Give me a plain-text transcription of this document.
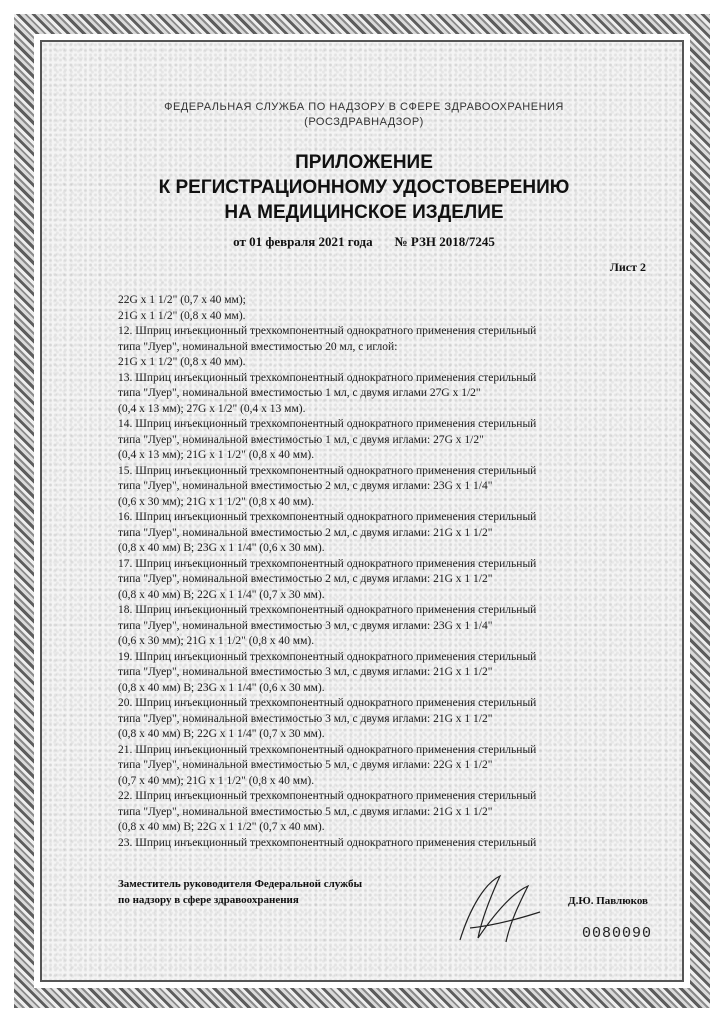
ФЕДЕРАЛЬНАЯ СЛУЖБА ПО НАДЗОРУ В СФЕРЕ ЗДРАВООХРАНЕНИЯ
(РОСЗДРАВНАДЗОР)
ПРИЛОЖЕНИЕ
К РЕГИСТРАЦИОННОМУ УДОСТОВЕРЕНИЮ
НА МЕДИЦИНСКОЕ ИЗДЕЛИЕ
от 01 февраля 2021 года № РЗН 2018/7245
Лист 2

22G x 1 1/2" (0,7 x 40 мм);

21G x 1 1/2" (0,8 x 40 мм).

12. Шприц инъекционный трехкомпонентный однократного применения стерильный

типа "Луер", номинальной вместимостью 20 мл, с иглой:

21G x 1 1/2" (0,8 x 40 мм).

13. Шприц инъекционный трехкомпонентный однократного применения стерильный

типа "Луер", номинальной вместимостью 1 мл, с двумя иглами 27G x 1/2"

(0,4 x 13 мм); 27G x 1/2" (0,4 x 13 мм).

14. Шприц инъекционный трехкомпонентный однократного применения стерильный

типа "Луер", номинальной вместимостью 1 мл, с двумя иглами: 27G x 1/2"

(0,4 x 13 мм); 21G x 1 1/2" (0,8 x 40 мм).

15. Шприц инъекционный трехкомпонентный однократного применения стерильный

типа "Луер", номинальной вместимостью 2 мл, с двумя иглами: 23G x 1 1/4"

(0,6 x 30 мм); 21G x 1 1/2" (0,8 x 40 мм).

16. Шприц инъекционный трехкомпонентный однократного применения стерильный

типа "Луер", номинальной вместимостью 2 мл, с двумя иглами: 21G x 1 1/2"

(0,8 x 40 мм) В; 23G x 1 1/4" (0,6 x 30 мм).

17. Шприц инъекционный трехкомпонентный однократного применения стерильный

типа "Луер", номинальной вместимостью 2 мл, с двумя иглами: 21G x 1 1/2"

(0,8 x 40 мм) В; 22G x 1 1/4" (0,7 x 30 мм).

18. Шприц инъекционный трехкомпонентный однократного применения стерильный

типа "Луер", номинальной вместимостью 3 мл, с двумя иглами: 23G x 1 1/4"

(0,6 x 30 мм); 21G x 1 1/2" (0,8 x 40 мм).

19. Шприц инъекционный трехкомпонентный однократного применения стерильный

типа "Луер", номинальной вместимостью 3 мл, с двумя иглами: 21G x 1 1/2"

(0,8 x 40 мм) В; 23G x 1 1/4" (0,6 x 30 мм).

20. Шприц инъекционный трехкомпонентный однократного применения стерильный

типа "Луер", номинальной вместимостью 3 мл, с двумя иглами: 21G x 1 1/2"

(0,8 x 40 мм) В; 22G x 1 1/4" (0,7 x 30 мм).

21. Шприц инъекционный трехкомпонентный однократного применения стерильный

типа "Луер", номинальной вместимостью 5 мл, с двумя иглами: 22G x 1 1/2"

(0,7 x 40 мм); 21G x 1 1/2" (0,8 x 40 мм).

22. Шприц инъекционный трехкомпонентный однократного применения стерильный

типа "Луер", номинальной вместимостью 5 мл, с двумя иглами: 21G x 1 1/2"

(0,8 x 40 мм) В; 22G x 1 1/2" (0,7 x 40 мм).

23. Шприц инъекционный трехкомпонентный однократного применения стерильный

Заместитель руководителя Федеральной службы
по надзору в сфере здравоохранения	Д.Ю. Павлюков
0080090
